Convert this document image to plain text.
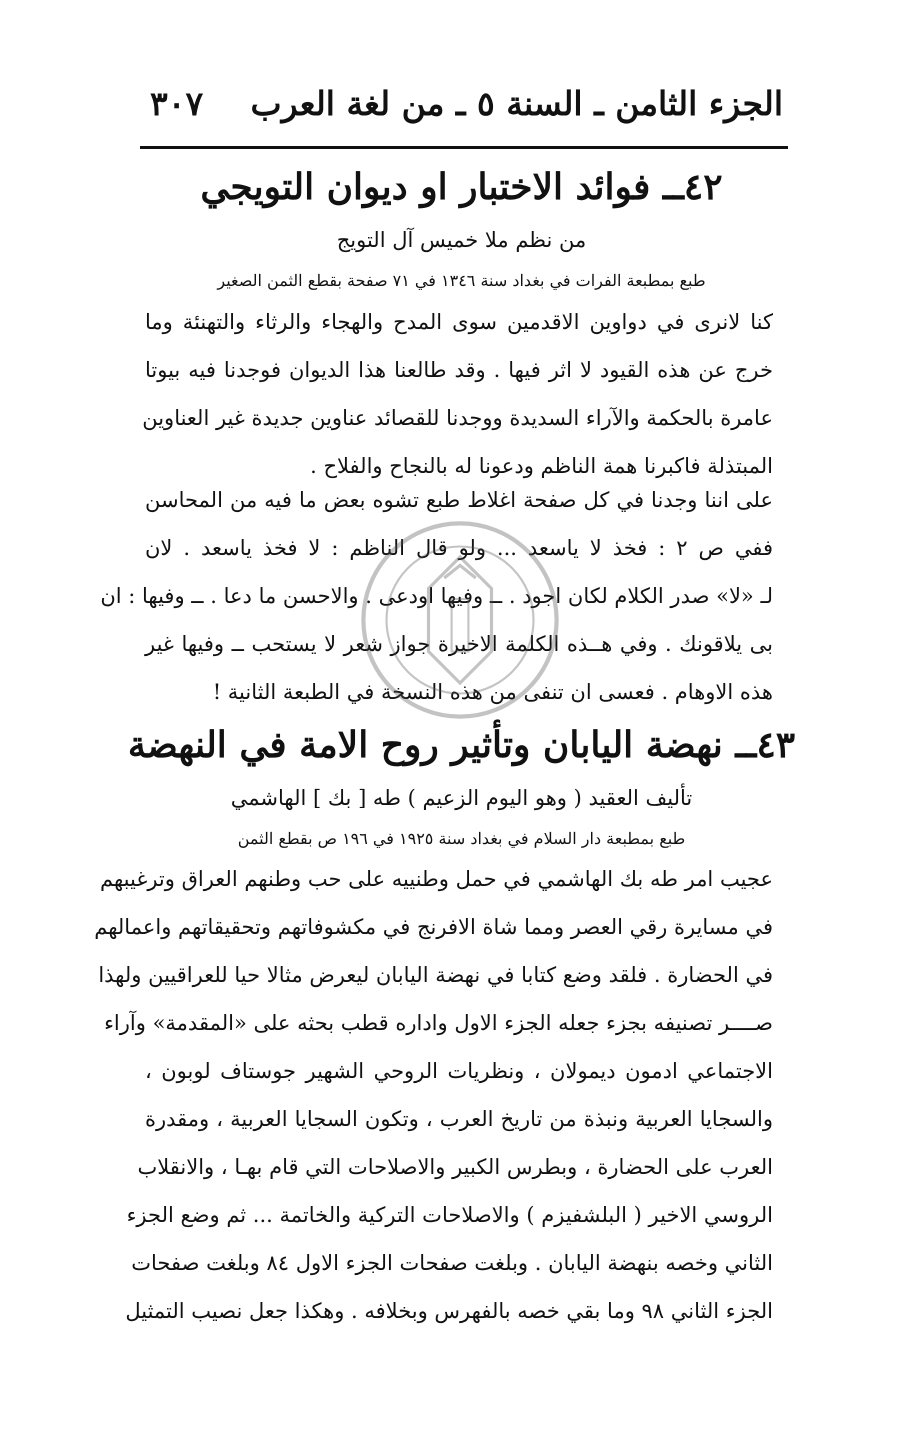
الجزء الثامن ـ السنة ٥ ـ من لغة العرب
٣٠٧
٤٢ــ فوائد الاختبار او ديوان التويجي
من نظم ملا خميس آل التويج
طبع بمطبعة الفرات في بغداد سنة ١٣٤٦ في ٧١ صفحة بقطع الثمن الصغير
كنا لانرى في دواوين الاقدمين سوى المدح والهجاء والرثاء والتهنئة وما
خرج عن هذه القيود لا اثر فيها . وقد طالعنا هذا الديوان فوجدنا فيه بيوتا
عامرة بالحكمة والآراء السديدة ووجدنا للقصائد عناوين جديدة غير العناوين
المبتذلة فاكبرنا همة الناظم ودعونا له بالنجاح والفلاح .
على اننا وجدنا في كل صفحة اغلاط طبع تشوه بعض ما فيه من المحاسن
ففي ص ٢ : فخذ لا ياسعد ... ولو قال الناظم : لا فخذ ياسعد . لان
لـ «لا» صدر الكلام لكان اجود . ــ وفيها اودعى . والاحسن ما دعا . ــ وفيها : ان
بى يلاقونك . وفي هــذه الكلمة الاخيرة جواز شعر لا يستحب ــ وفيها غير
هذه الاوهام . فعسى ان تنفى من هذه النسخة في الطبعة الثانية !
٤٣ــ نهضة اليابان وتأثير روح الامة في النهضة
تأليف العقيد ( وهو اليوم الزعيم ) طه [ بك ] الهاشمي
طبع بمطبعة دار السلام في بغداد سنة ١٩٢٥ في ١٩٦ ص بقطع الثمن
عجيب امر طه بك الهاشمي في حمل وطنييه على حب وطنهم العراق وترغيبهم
في مسايرة رقي العصر ومما شاة الافرنج في مكشوفاتهم وتحقيقاتهم واعمالهم
في الحضارة . فلقد وضع كتابا في نهضة اليابان ليعرض مثالا حيا للعراقيين ولهذا
صــــر تصنيفه بجزء جعله الجزء الاول واداره قطب بحثه على «المقدمة» وآراء
الاجتماعي ادمون ديمولان ، ونظريات الروحي الشهير جوستاف لوبون ،
والسجايا العربية ونبذة من تاريخ العرب ، وتكون السجايا العربية ، ومقدرة
العرب على الحضارة ، وبطرس الكبير والاصلاحات التي قام بهـا ، والانقلاب
الروسي الاخير ( البلشفيزم ) والاصلاحات التركية والخاتمة ... ثم وضع الجزء
الثاني وخصه بنهضة اليابان . وبلغت صفحات الجزء الاول ٨٤ وبلغت صفحات
الجزء الثاني ٩٨ وما بقي خصه بالفهرس وبخلافه . وهكذا جعل نصيب التمثيل
